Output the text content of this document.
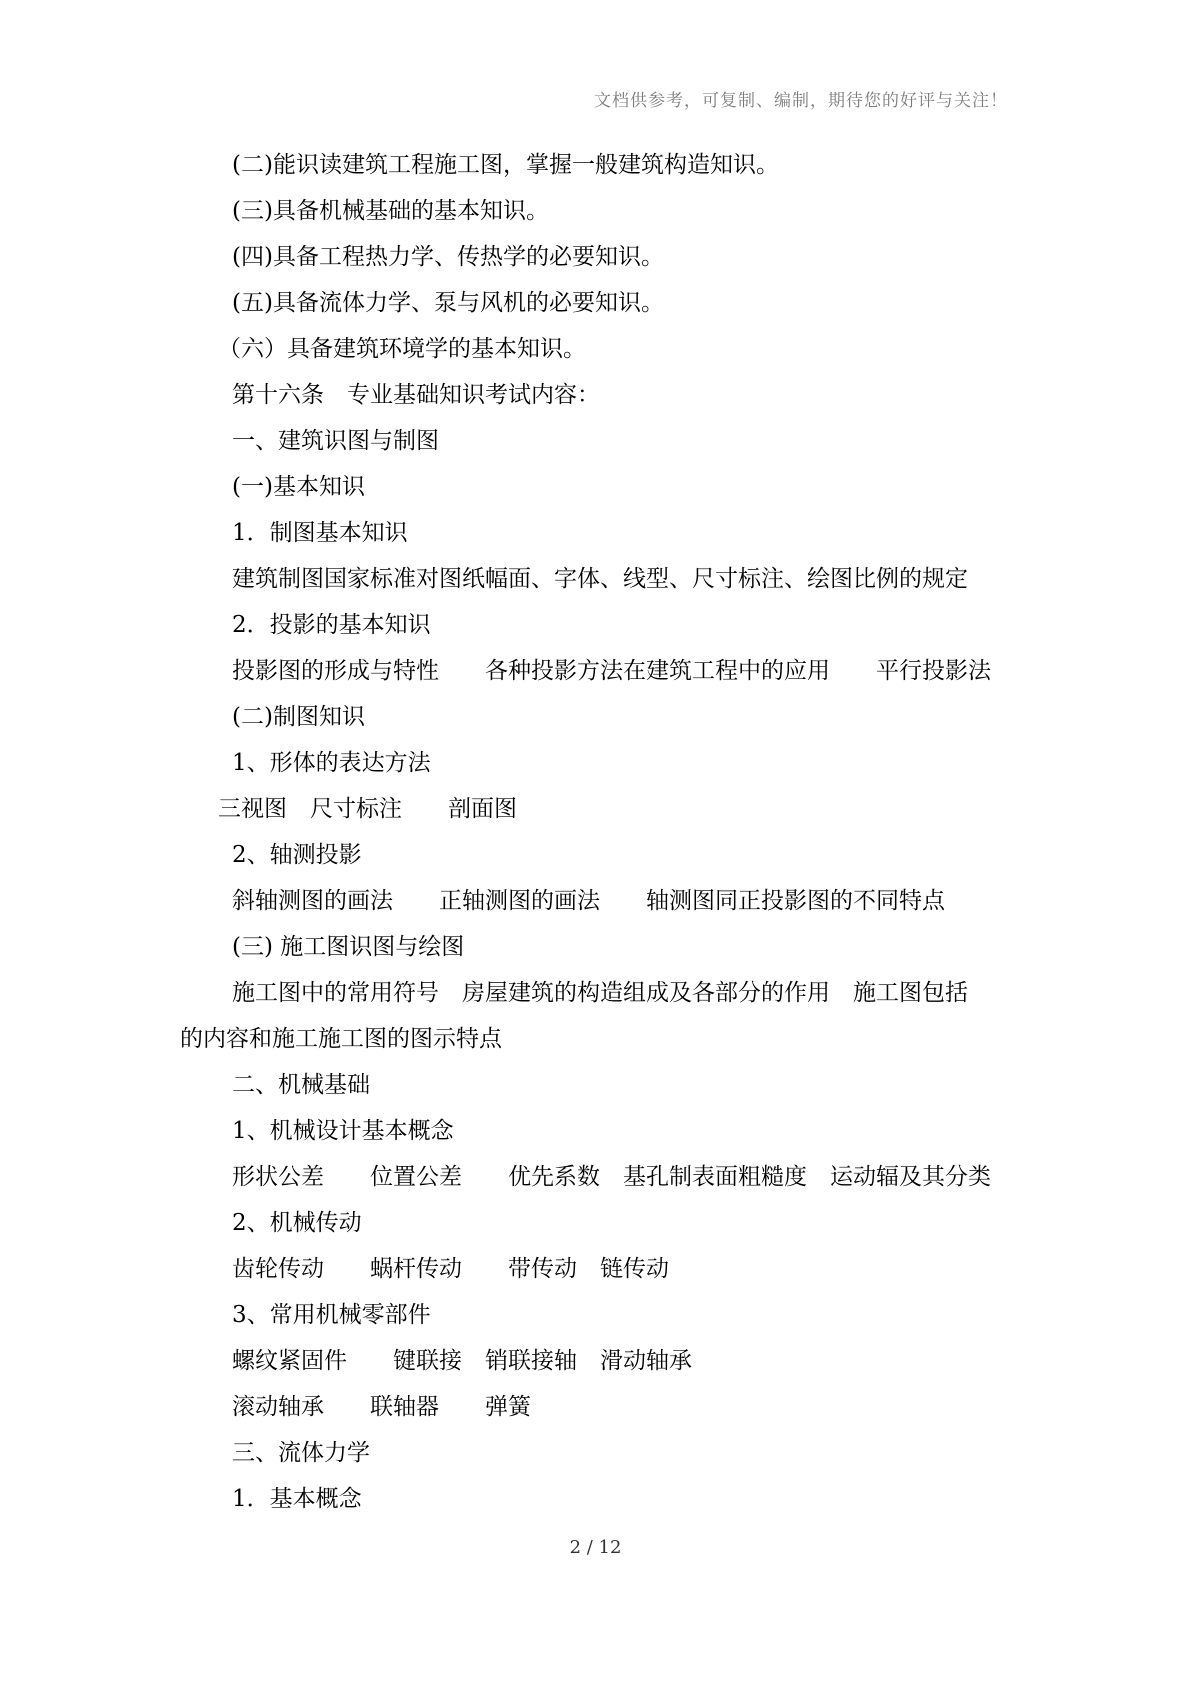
文档供参考，可复制、编制，期待您的好评与关注！
(二)能识读建筑工程施工图，掌握一般建筑构造知识。
(三)具备机械基础的基本知识。
(四)具备工程热力学、传热学的必要知识。
(五)具备流体力学、泵与风机的必要知识。
（六）具备建筑环境学的基本知识。
第十六条　专业基础知识考试内容：
一、建筑识图与制图
(一)基本知识
1．制图基本知识
建筑制图国家标准对图纸幅面、字体、线型、尺寸标注、绘图比例的规定
2．投影的基本知识
投影图的形成与特性　　各种投影方法在建筑工程中的应用　　平行投影法
(二)制图知识
1、形体的表达方法
三视图　尺寸标注　　剖面图
2、轴测投影
斜轴测图的画法　　正轴测图的画法　　轴测图同正投影图的不同特点
(三) 施工图识图与绘图
施工图中的常用符号　房屋建筑的构造组成及各部分的作用　施工图包括
的内容和施工施工图的图示特点
二、机械基础
1、机械设计基本概念
形状公差　　位置公差　　优先系数　基孔制表面粗糙度　运动辐及其分类
2、机械传动
齿轮传动　　蜗杆传动　　带传动　链传动
3、常用机械零部件
螺纹紧固件　　键联接　销联接轴　滑动轴承
滚动轴承　　联轴器　　弹簧
三、流体力学
1．基本概念
2 / 12
